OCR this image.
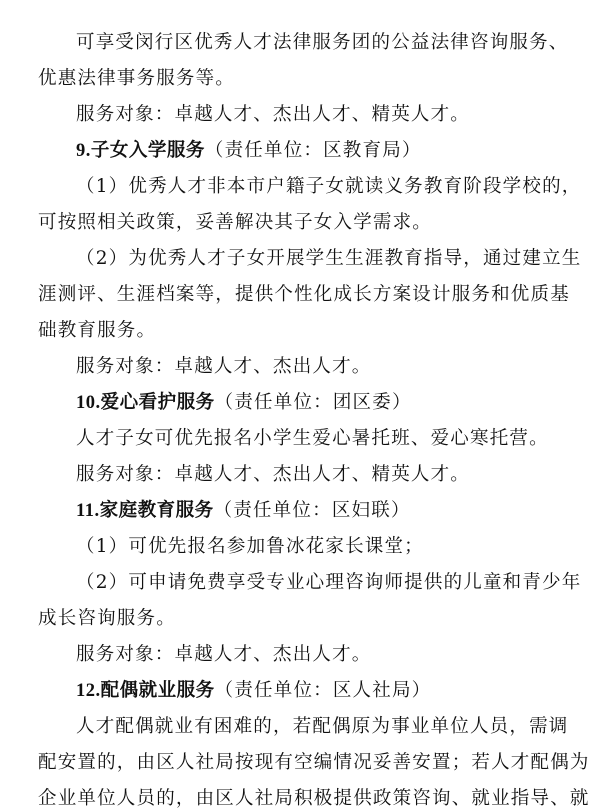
可享受闵行区优秀人才法律服务团的公益法律咨询服务、
优惠法律事务服务等。
服务对象：卓越人才、杰出人才、精英人才。
9.子女入学服务（责任单位：区教育局）
（1）优秀人才非本市户籍子女就读义务教育阶段学校的，
可按照相关政策，妥善解决其子女入学需求。
（2）为优秀人才子女开展学生生涯教育指导，通过建立生
涯测评、生涯档案等，提供个性化成长方案设计服务和优质基
础教育服务。
服务对象：卓越人才、杰出人才。
10.爱心看护服务（责任单位：团区委）
人才子女可优先报名小学生爱心暑托班、爱心寒托营。
服务对象：卓越人才、杰出人才、精英人才。
11.家庭教育服务（责任单位：区妇联）
（1）可优先报名参加鲁冰花家长课堂；
（2）可申请免费享受专业心理咨询师提供的儿童和青少年
成长咨询服务。
服务对象：卓越人才、杰出人才。
12.配偶就业服务（责任单位：区人社局）
人才配偶就业有困难的，若配偶原为事业单位人员，需调
配安置的，由区人社局按现有空编情况妥善安置；若人才配偶为
企业单位人员的，由区人社局积极提供政策咨询、就业指导、就
